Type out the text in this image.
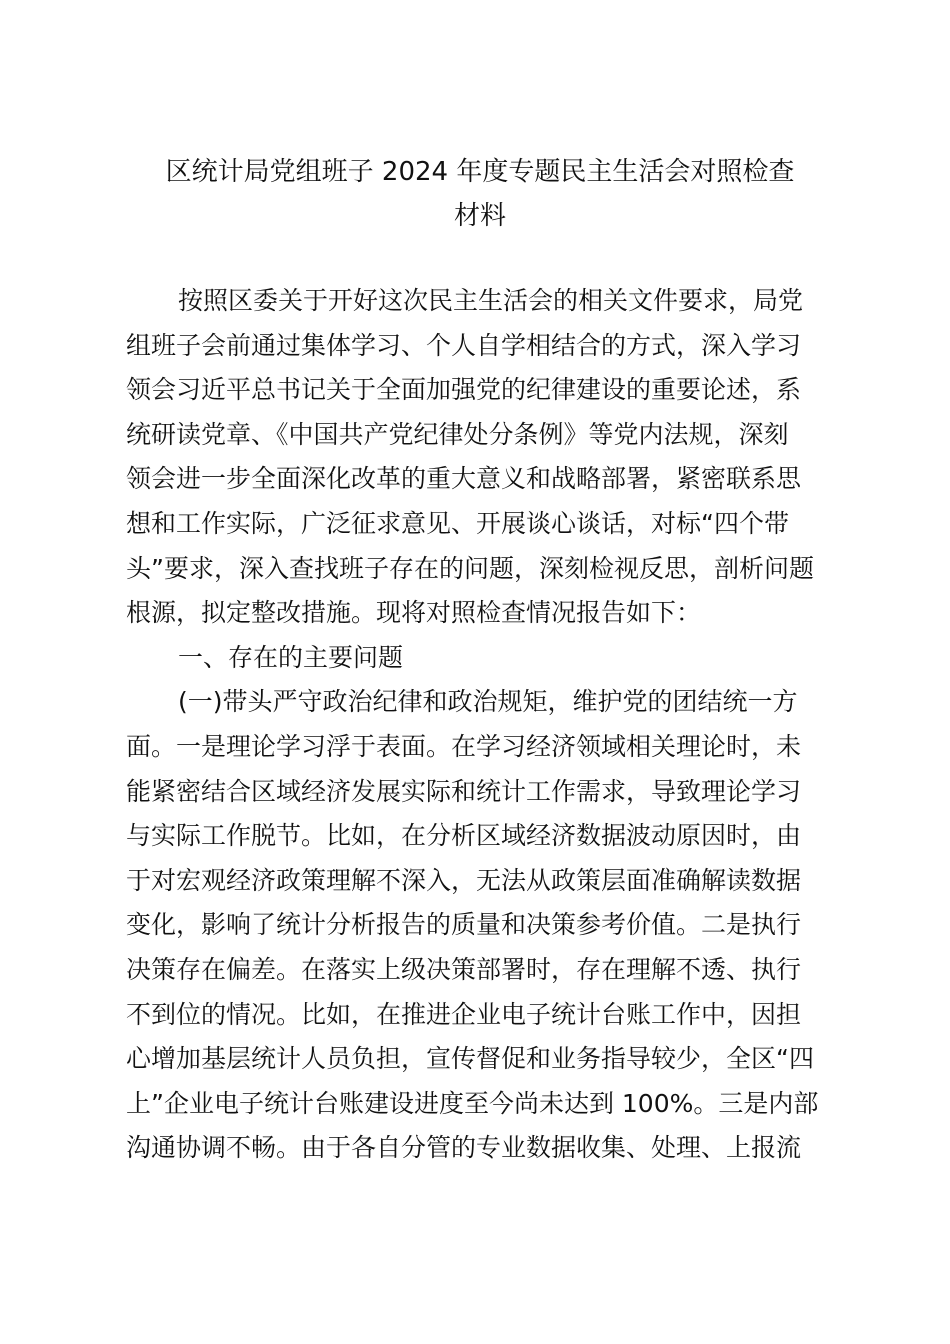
区统计局党组班子 2024 年度专题民主生活会对照检查
材料
按照区委关于开好这次民主生活会的相关文件要求，局党
组班子会前通过集体学习、个人自学相结合的方式，深入学习
领会习近平总书记关于全面加强党的纪律建设的重要论述，系
统研读党章、《中国共产党纪律处分条例》等党内法规，深刻
领会进一步全面深化改革的重大意义和战略部署，紧密联系思
想和工作实际，广泛征求意见、开展谈心谈话，对标“四个带
头”要求，深入查找班子存在的问题，深刻检视反思，剖析问题
根源，拟定整改措施。现将对照检查情况报告如下：
一、存在的主要问题
(一)带头严守政治纪律和政治规矩，维护党的团结统一方
面。一是理论学习浮于表面。在学习经济领域相关理论时，未
能紧密结合区域经济发展实际和统计工作需求，导致理论学习
与实际工作脱节。比如，在分析区域经济数据波动原因时，由
于对宏观经济政策理解不深入，无法从政策层面准确解读数据
变化，影响了统计分析报告的质量和决策参考价值。二是执行
决策存在偏差。在落实上级决策部署时，存在理解不透、执行
不到位的情况。比如，在推进企业电子统计台账工作中，因担
心增加基层统计人员负担，宣传督促和业务指导较少，全区“四
上”企业电子统计台账建设进度至今尚未达到 100%。三是内部
沟通协调不畅。由于各自分管的专业数据收集、处理、上报流
